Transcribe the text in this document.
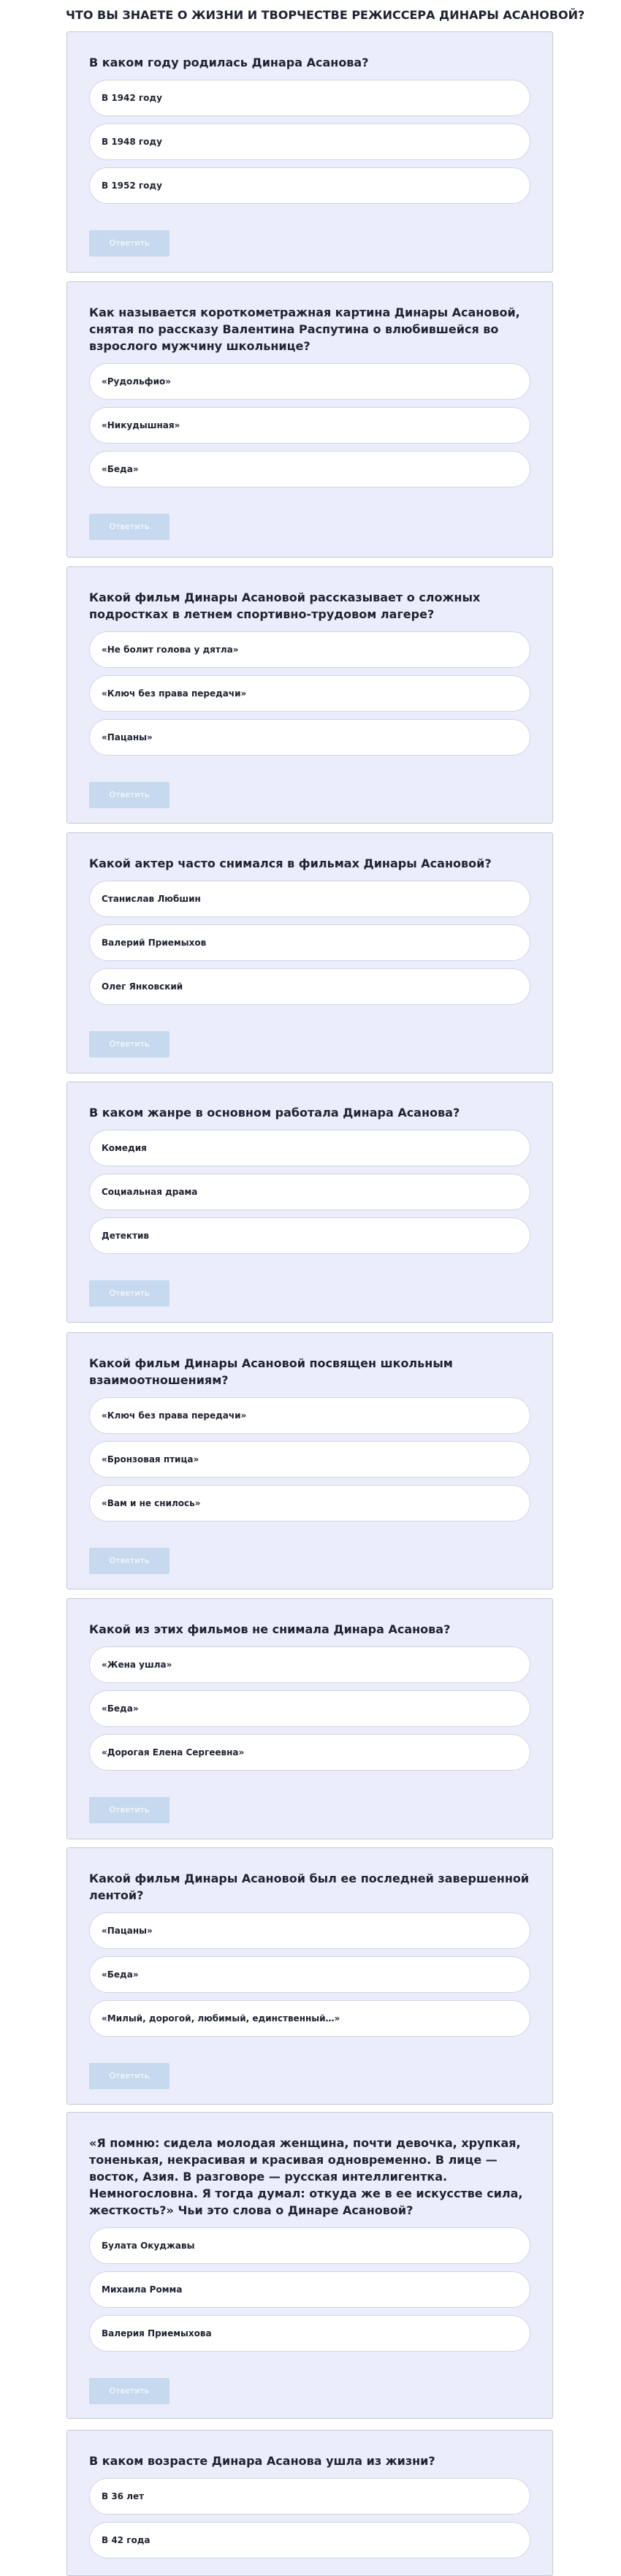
ЧТО ВЫ ЗНАЕТЕ О ЖИЗНИ И ТВОРЧЕСТВЕ РЕЖИССЕРА ДИНАРЫ АСАНОВОЙ?

В каком году родилась Динара Асанова?

В 1942 году
В 1948 году
В 1952 году
Ответить

Как называется короткометражная картина Динары Асановой, снятая по рассказу Валентина Распутина о влюбившейся во взрослого мужчину школьнице?

«Рудольфио»
«Никудышная»
«Беда»
Ответить

Какой фильм Динары Асановой рассказывает о сложных подростках в летнем спортивно-трудовом лагере?

«Не болит голова у дятла»
«Ключ без права передачи»
«Пацаны»
Ответить

Какой актер часто снимался в фильмах Динары Асановой?

Станислав Любшин
Валерий Приемыхов
Олег Янковский
Ответить

В каком жанре в основном работала Динара Асанова?

Комедия
Социальная драма
Детектив
Ответить

Какой фильм Динары Асановой посвящен школьным взаимоотношениям?

«Ключ без права передачи»
«Бронзовая птица»
«Вам и не снилось»
Ответить

Какой из этих фильмов не снимала Динара Асанова?

«Жена ушла»
«Беда»
«Дорогая Елена Сергеевна»
Ответить

Какой фильм Динары Асановой был ее последней завершенной лентой?

«Пацаны»
«Беда»
«Милый, дорогой, любимый, единственный…»
Ответить

«Я помню: сидела молодая женщина, почти девочка, хрупкая, тоненькая, некрасивая и красивая одновременно. В лице — восток, Азия. В разговоре — русская интеллигентка. Немногословна. Я тогда думал: откуда же в ее искусстве сила, жесткость?» Чьи это слова о Динаре Асановой?

Булата Окуджавы
Михаила Ромма
Валерия Приемыхова
Ответить

В каком возрасте Динара Асанова ушла из жизни?

В 36 лет
В 42 года
